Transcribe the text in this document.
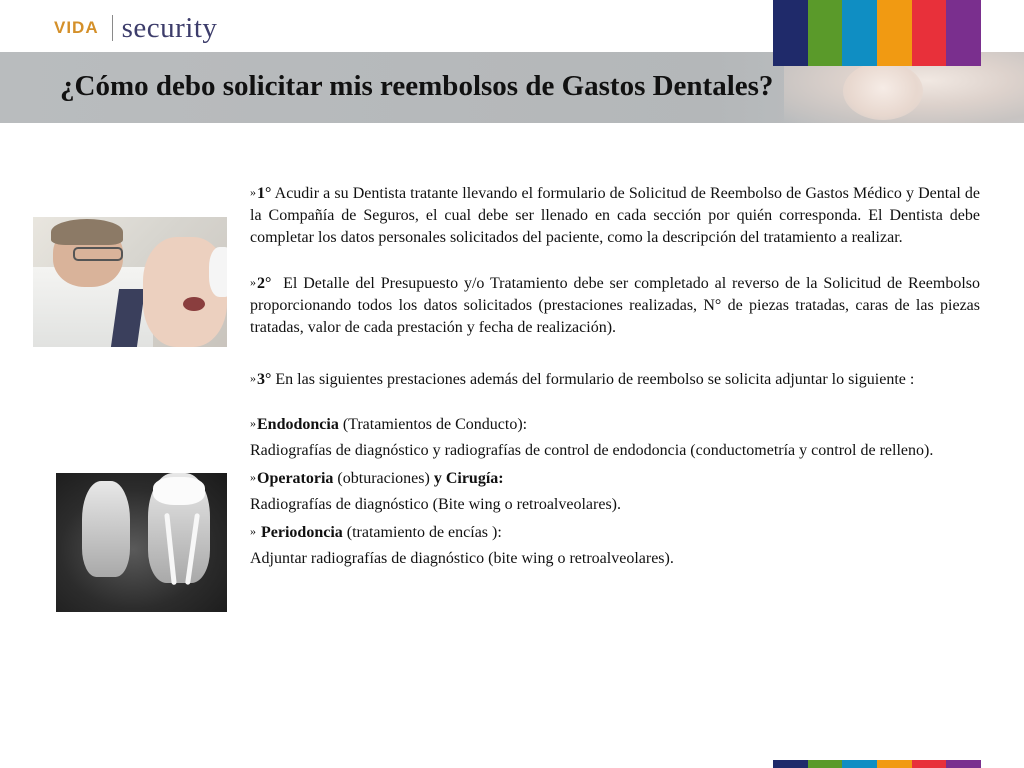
VIDA security
¿Cómo debo solicitar mis reembolsos de Gastos Dentales?

»1° Acudir a su Dentista tratante llevando el formulario de Solicitud de Reembolso de Gastos Médico y Dental de la Compañía de Seguros, el cual debe ser llenado en cada sección por quién corresponda. El Dentista debe completar los datos personales solicitados del paciente, como la descripción del tratamiento a realizar.

»2° El Detalle del Presupuesto y/o Tratamiento debe ser completado al reverso de la Solicitud de Reembolso proporcionando todos los datos solicitados (prestaciones realizadas, N° de piezas tratadas, caras de las piezas tratadas, valor de cada prestación y fecha de realización).

»3° En las siguientes prestaciones además del formulario de reembolso se solicita adjuntar lo siguiente :

»Endodoncia (Tratamientos de Conducto):

Radiografías de diagnóstico y radiografías de control de endodoncia (conductometría y control de relleno).

»Operatoria (obturaciones) y Cirugía:

Radiografías de diagnóstico (Bite wing o retroalveolares).

» Periodoncia (tratamiento de encías ):

Adjuntar radiografías de diagnóstico (bite wing o retroalveolares).
